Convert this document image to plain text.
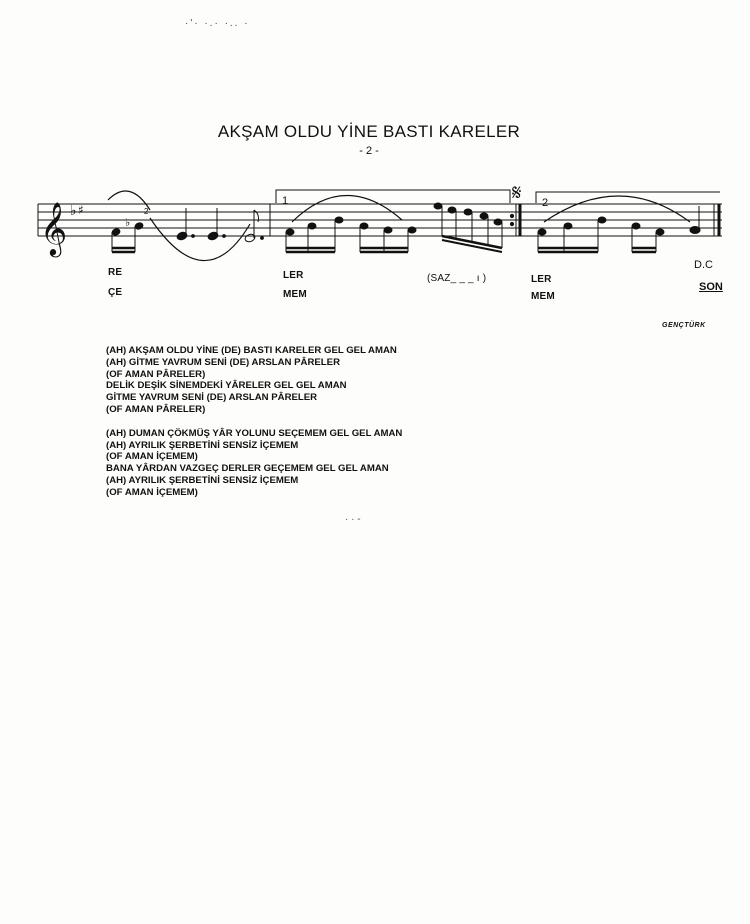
·'· ·.· ·.. ·
AKŞAM OLDU YİNE BASTI KARELER
- 2 -
𝄞 ♭ ♯
♭
2
1	𝄋 2
RE
ÇE
LER
MEM
(SAZ_ _ _ ı )	LER
MEM
D.C
SON
GENÇTÜRK
(AH) AKŞAM OLDU YİNE (DE) BASTI KARELER GEL GEL AMAN
(AH) GİTME YAVRUM SENİ (DE) ARSLAN PÂRELER
(OF AMAN PÂRELER)
DELİK DEŞİK SİNEMDEKİ YÂRELER GEL GEL AMAN
GİTME YAVRUM SENİ (DE) ARSLAN PÂRELER
(OF AMAN PÂRELER)
(AH) DUMAN ÇÖKMÜŞ YÂR YOLUNU SEÇEMEM GEL GEL AMAN
(AH) AYRILIK ŞERBETİNİ SENSİZ İÇEMEM
(OF AMAN İÇEMEM)
BANA YÂRDAN VAZGEÇ DERLER GEÇEMEM GEL GEL AMAN
(AH) AYRILIK ŞERBETİNİ SENSİZ İÇEMEM
(OF AMAN İÇEMEM)
· · -
